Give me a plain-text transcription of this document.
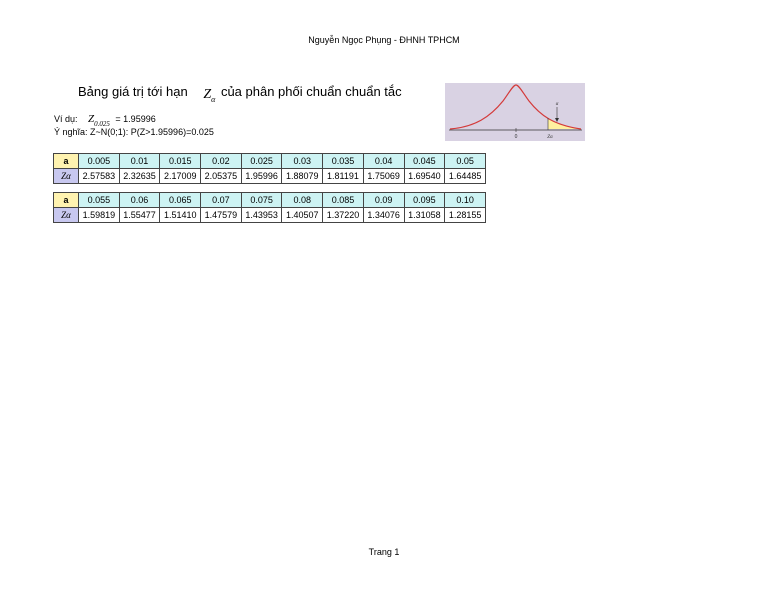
Nguyễn Ngọc Phụng - ĐHNH TPHCM
Bảng giá trị tới hạn $Z_\alpha$ của phân phối chuẩn chuẩn tắc
Ví dụ: $Z_{0.025} = 1.95996$
Ý nghĩa: Z~N(0;1): P(Z>1.95996)=0.025
α
0	Zα
a	0.005	0.01	0.015	0.02	0.025	0.03	0.035	0.04	0.045	0.05
Zα	2.57583	2.32635	2.17009	2.05375	1.95996	1.88079	1.81191	1.75069	1.69540	1.64485
a	0.055	0.06	0.065	0.07	0.075	0.08	0.085	0.09	0.095	0.10
Zα	1.59819	1.55477	1.51410	1.47579	1.43953	1.40507	1.37220	1.34076	1.31058	1.28155
Trang 1
